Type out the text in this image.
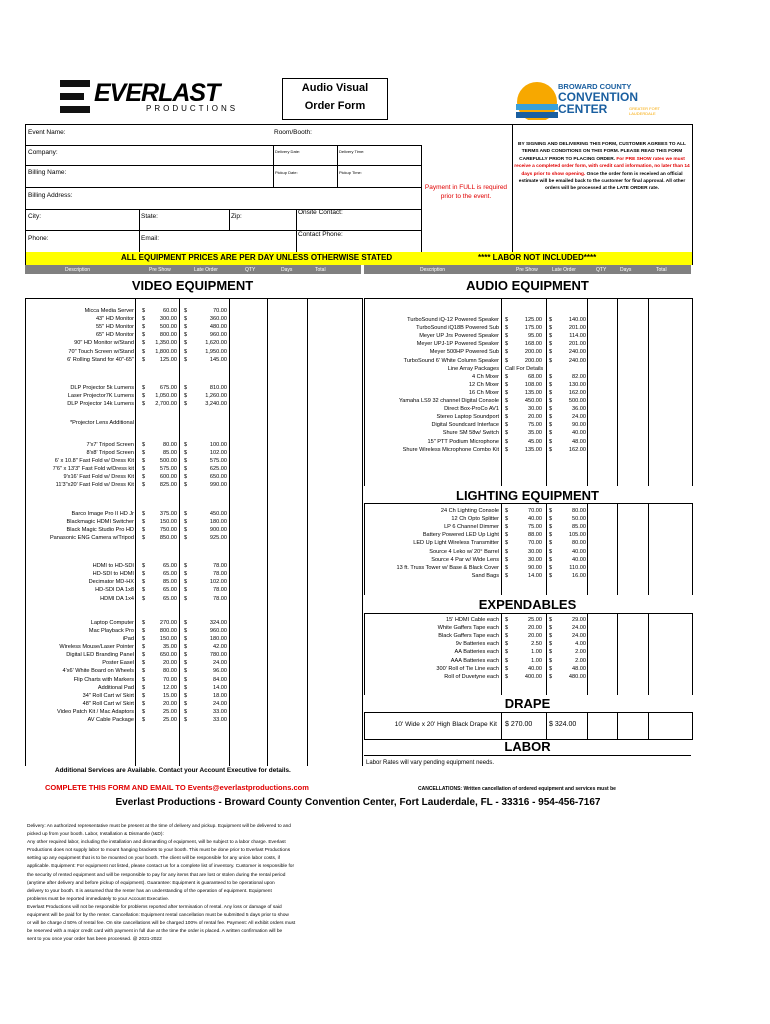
EVERLAST
PRODUCTIONS
Audio Visual
Order Form
BROWARD COUNTY
CONVENTION
CENTER	GREATER FORT LAUDERDALE
Event Name:	Room/Booth:
Company:	Delivery Date:	Delivery Time:
Billing Name:	Pickup Date:	Pickup Time:
Billing Address:
City:	State:	Zip:
Onsite Contact:
Phone:	Email:
Contact Phone:
Payment in FULL is required prior to the event.
BY SIGNING AND DELIVERING THIS FORM, CUSTOMER AGREES TO ALL TERMS AND CONDITIONS ON THIS FORM. PLEASE READ THIS FORM CAREFULLY PRIOR TO PLACING ORDER. For PRE SHOW rates we must receive a completed order form, with credit card information, no later than 14 days prior to show opening. Once the order form is received an official estimate will be emailed back to the customer for final approval. All other orders will be processed at the LATE ORDER rate.
ALL EQUIPMENT PRICES ARE PER DAY UNLESS OTHERWISE STATED	**** LABOR NOT INCLUDED****
Description	Pre Show	Late Order	QTY	Days	Total	Description	Pre Show	Late Order	QTY	Days	Total
VIDEO EQUIPMENT
Micca Media Server $	60.00 $	70.00
43" HD Monitor $	300.00 $	360.00
55" HD Monitor $	500.00 $	480.00
65" HD Monitor $	800.00 $	960.00
90" HD Monitor w/Stand $ 1,350.00 $	1,620.00
70" Touch Screen w/Stand $ 1,800.00 $	1,950.00
6' Rolling Stand for 40"-65" $	125.00 $	145.00
DLP Projector 5k Lumens $	675.00 $	810.00
Laser Projector7K Lumens $ 1,050.00 $	1,260.00
DLP Projector 14k Lumens $ 2,700.00 $	3,240.00
7'x7' Tripod Screen $	80.00 $	100.00
8'x8' Tripod Screen $	85.00 $	102.00
6' x 10.8" Fast Fold w/ Dress Kit $	500.00 $	575.00
7'6" x 13'3" Fast Fold w/Dress kit $	575.00 $	625.00
9'x16' Fast Fold w/ Dress Kit $	600.00 $	650.00
11'3"x20' Fast Fold w/ Dress Kit $	825.00 $	990.00
Barco Image Pro II HD Jr $	375.00 $	450.00
Blackmagic HDMI Switcher $	150.00 $	180.00
Black Magic Studio Pro HD $	750.00 $	900.00
Panasonic ENG Camera w/Tripod $	850.00 $	925.00
HDMI to HD-SDI $	65.00 $	78.00
HD-SDI to HDMI $	65.00 $	78.00
Decimator MD-HX $	85.00 $	102.00
HD-SDI DA 1x8 $	65.00 $	78.00
HDMI DA 1x4 $	65.00 $	78.00
Laptop Computer $	270.00 $	324.00
Mac Playback Pro $	800.00 $	960.00
iPad $	150.00 $	180.00
Wireless Mouse/Laser Pointer $	35.00 $	42.00
Digital LED Branding Panel $	650.00 $	780.00
Poster Easel $	20.00 $	24.00
4'x6' White Board on Wheels $	80.00 $	96.00
Flip Charts with Markers $	70.00 $	84.00
Additional Pad $	12.00 $	14.00
34" Roll Cart w/ Skirt $	15.00 $	18.00
48" Roll Cart w/ Skirt $	20.00 $	24.00
Video Patch Kit / Mac Adaptors $	25.00 $	33.00
AV Cable Package $	25.00 $	33.00
*Projector Lens Additional
Additional Services are Available. Contact your Account Executive for details.
AUDIO EQUIPMENT
TurboSound iQ-12 Powered Speaker $	125.00 $	140.00
TurboSound iQ18B Powered Sub $	175.00 $	201.00
Meyer UP Jrs Powered Speaker $	95.00 $	114.00
Meyer UPJ-1P Powered Speaker $	168.00 $	201.00
Meyer 500HP Powered Sub $	200.00 $	240.00
TurboSound 6' White Column Speaker $	200.00 $	240.00
Line Array Packages Call For Details
4 Ch Mixer $	68.00 $	82.00
12 Ch Mixer $	108.00 $	130.00
16 Ch Mixer $	135.00 $	162.00
Yamaha LS9 32 channel Digital Console $	450.00 $	500.00
Direct Box-ProCo AV1 $	30.00 $	36.00
Stereo Laptop Soundport $	20.00 $	24.00
Digital Soundcard Interface $	75.00 $	90.00
Shure SM 58w/ Switch $	35.00 $	40.00
15" PTT Podium Microphone $	45.00 $	48.00
Shure Wireless Microphone Combo Kit $	135.00 $	162.00
LIGHTING EQUIPMENT
24 Ch Lighting Console $	70.00 $	80.00
12 Ch Opto Splitter $	40.00 $	50.00
LP 6 Channel Dimmer $	75.00 $	85.00
Battery Powered LED Up Light $	88.00 $	105.00
LED Up Light Wireless Transmitter $	70.00 $	80.00
Source 4 Leko w/ 20° Barrel $	30.00 $	40.00
Source 4 Par w/ Wide Lens $	30.00 $	40.00
13 ft. Truss Tower w/ Base & Black Cover $	90.00 $	110.00
Sand Bags $	14.00 $	16.00
EXPENDABLES
15' HDMI Cable each $	25.00 $	29.00
White Gaffers Tape each $	20.00 $	24.00
Black Gaffers Tape each $	20.00 $	24.00
9v Batteries each $	2.50 $	4.00
AA Batteries each $	1.00 $	2.00
AAA Batteries each $	1.00 $	2.00
300' Roll of Tie Line each $	40.00 $	48.00
Roll of Duvetyne each $	400.00 $	480.00
DRAPE
10' Wide x 20' High Black Drape Kit $ 270.00 $ 324.00
LABOR
Labor Rates will vary pending equipment needs.
COMPLETE THIS FORM AND EMAIL TO Events@everlastproductions.com	CANCELLATIONS: Written cancellation of ordered equipment and services must be
Everlast Productions - Broward County Convention Center, Fort Lauderdale, FL - 33316 - 954-456-7167
Delivery: An authorized representative must be present at the time of delivery and pickup. Equipment will be delivered to and
picked up from your booth. Labor, Installation & Dismantle (I&D):
Any other required labor, including the installation and dismantling of equipment, will be subject to a labor charge. Everlast
Productions does not supply labor to mount hanging brackets to your booth. This must be done prior to Everlast Productions
setting up any equipment that is to be mounted on your booth. The client will be responsible for any union labor costs, if
applicable. Equipment: For equipment not listed, please contact us for a complete list of inventory. Customer is responsible for
the security of rented equipment and will be responsible to pay for any items that are lost or stolen during the rental period
(anytime after delivery and before pickup of equipment). Guarantee: Equipment is guaranteed to be operational upon
delivery to your booth. It is assumed that the renter has an understanding of the operation of equipment. Equipment
problems must be reported immediately to your Account Executive.
Everlast Productions will not be responsible for problems reported after termination of rental. Any loss or damage of said
equipment will be paid for by the renter. Cancellation: Equipment rental cancellation must be submitted 5 days prior to show
or will be charge d 50% of rental fee. On site cancellations will be charged 100% of rental fee. Payment: All exhibit orders must
be reserved with a major credit card with payment in full due at the time the order is placed. A written confirmation will be
sent to you once your order has been processed. @ 2021-2022
